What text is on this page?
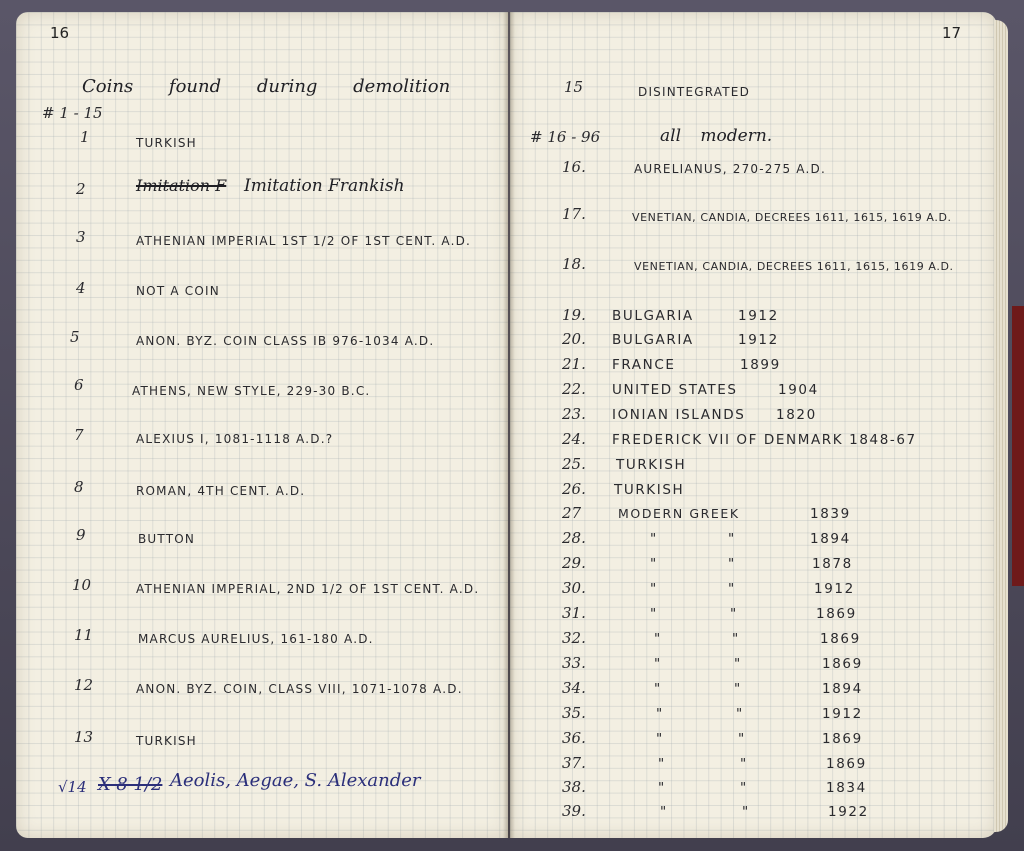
16
Coins found during demolition
# 1 - 15
1	TURKISH
2	Imitation F Imitation Frankish
3	ATHENIAN IMPERIAL 1ST 1/2 OF 1ST CENT. A.D.
4	NOT A COIN
5	ANON. BYZ. COIN CLASS IB 976-1034 A.D.
6	ATHENS, NEW STYLE, 229-30 B.C.
7	ALEXIUS I, 1081-1118 A.D.?
8	ROMAN, 4TH CENT. A.D.
9	BUTTON
10	ATHENIAN IMPERIAL, 2ND 1/2 OF 1ST CENT. A.D.
11	MARCUS AURELIUS, 161-180 A.D.
12	ANON. BYZ. COIN, CLASS VIII, 1071-1078 A.D.
13	TURKISH
√14 X-8 1/2 Aeolis, Aegae, S. Alexander
17
15	DISINTEGRATED
# 16 - 96	all modern.
16.	AURELIANUS, 270-275 A.D.
17.	VENETIAN, CANDIA, DECREES 1611, 1615, 1619 A.D.
18.	VENETIAN, CANDIA, DECREES 1611, 1615, 1619 A.D.
19. BULGARIA	1912
20. BULGARIA	1912
21. FRANCE	1899
22. UNITED STATES	1904
23. IONIAN ISLANDS 1820
24. FREDERICK VII OF DENMARK 1848-67
25. TURKISH
26. TURKISH
27	MODERN GREEK	1839
28.	"	"	1894
29.	"	"	1878
30.	"	"	1912
31.	"	"	1869
32.	"	"	1869
33.	"	"	1869
34.	"	"	1894
35.	"	"	1912
36.	"	"	1869
37.	"	"	1869
38.	"	"	1834
39.	"	"	1922
